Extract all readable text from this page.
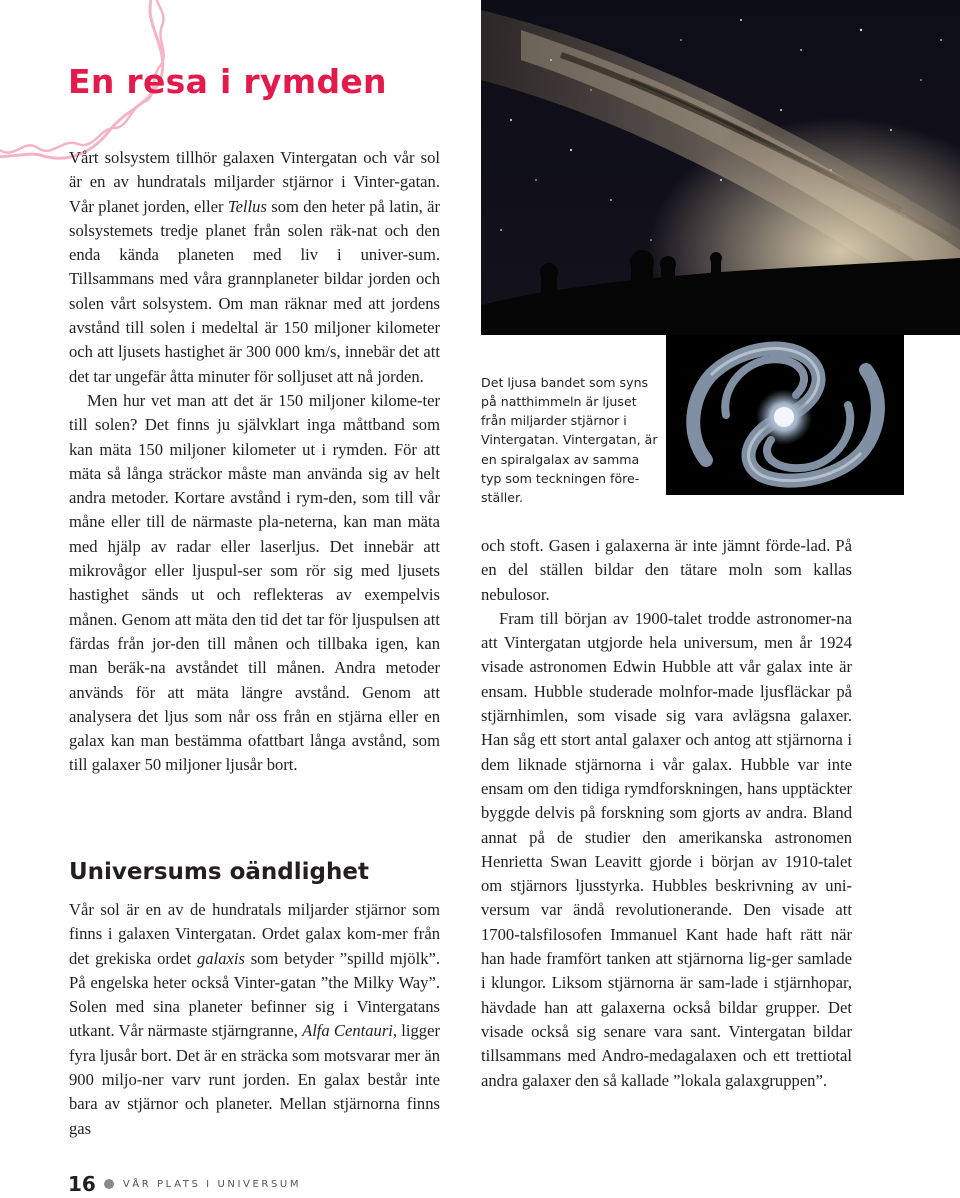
En resa i rymden

Vårt solsystem tillhör galaxen Vintergatan och vår sol är en av hundratals miljarder stjärnor i Vinter-gatan. Vår planet jorden, eller Tellus som den heter på latin, är solsystemets tredje planet från solen räk-nat och den enda kända planeten med liv i univer-sum. Tillsammans med våra grannplaneter bildar jorden och solen vårt solsystem. Om man räknar med att jordens avstånd till solen i medeltal är 150 miljoner kilometer och att ljusets hastighet är 300 000 km/s, innebär det att det tar ungefär åtta minuter för solljuset att nå jorden.

Men hur vet man att det är 150 miljoner kilome-ter till solen? Det finns ju självklart inga måttband som kan mäta 150 miljoner kilometer ut i rymden. För att mäta så långa sträckor måste man använda sig av helt andra metoder. Kortare avstånd i rym-den, som till vår måne eller till de närmaste pla-neterna, kan man mäta med hjälp av radar eller laserljus. Det innebär att mikrovågor eller ljuspul-ser som rör sig med ljusets hastighet sänds ut och reflekteras av exempelvis månen. Genom att mäta den tid det tar för ljuspulsen att färdas från jor-den till månen och tillbaka igen, kan man beräk-na avståndet till månen. Andra metoder används för att mäta längre avstånd. Genom att analysera det ljus som når oss från en stjärna eller en galax kan man bestämma ofattbart långa avstånd, som till galaxer 50 miljoner ljusår bort.

Universums oändlighet

Vår sol är en av de hundratals miljarder stjärnor som finns i galaxen Vintergatan. Ordet galax kom-mer från det grekiska ordet galaxis som betyder ”spilld mjölk”. På engelska heter också Vinter-gatan ”the Milky Way”. Solen med sina planeter befinner sig i Vintergatans utkant. Vår närmaste stjärngranne, Alfa Centauri, ligger fyra ljusår bort. Det är en sträcka som motsvarar mer än 900 miljo-ner varv runt jorden. En galax består inte bara av stjärnor och planeter. Mellan stjärnorna finns gas

Det ljusa bandet som syns på natthimmeln är ljuset från miljarder stjärnor i Vintergatan. Vintergatan, är en spiralgalax av samma typ som teckningen före-ställer.

och stoft. Gasen i galaxerna är inte jämnt förde-lad. På en del ställen bildar den tätare moln som kallas nebulosor.

Fram till början av 1900-talet trodde astronomer-na att Vintergatan utgjorde hela universum, men år 1924 visade astronomen Edwin Hubble att vår galax inte är ensam. Hubble studerade molnfor-made ljusfläckar på stjärnhimlen, som visade sig vara avlägsna galaxer. Han såg ett stort antal galaxer och antog att stjärnorna i dem liknade stjärnorna i vår galax. Hubble var inte ensam om den tidiga rymdforskningen, hans upptäckter byggde delvis på forskning som gjorts av andra. Bland annat på de studier den amerikanska astronomen Henrietta Swan Leavitt gjorde i början av 1910-talet om stjärnors ljusstyrka. Hubbles beskrivning av uni-versum var ändå revolutionerande. Den visade att 1700-talsfilosofen Immanuel Kant hade haft rätt när han hade framfört tanken att stjärnorna lig-ger samlade i klungor. Liksom stjärnorna är sam-lade i stjärnhopar, hävdade han att galaxerna också bildar grupper. Det visade också sig senare vara sant. Vintergatan bildar tillsammans med Andro-medagalaxen och ett trettiotal andra galaxer den så kallade ”lokala galaxgruppen”.

16	VÅR PLATS I UNIVERSUM
